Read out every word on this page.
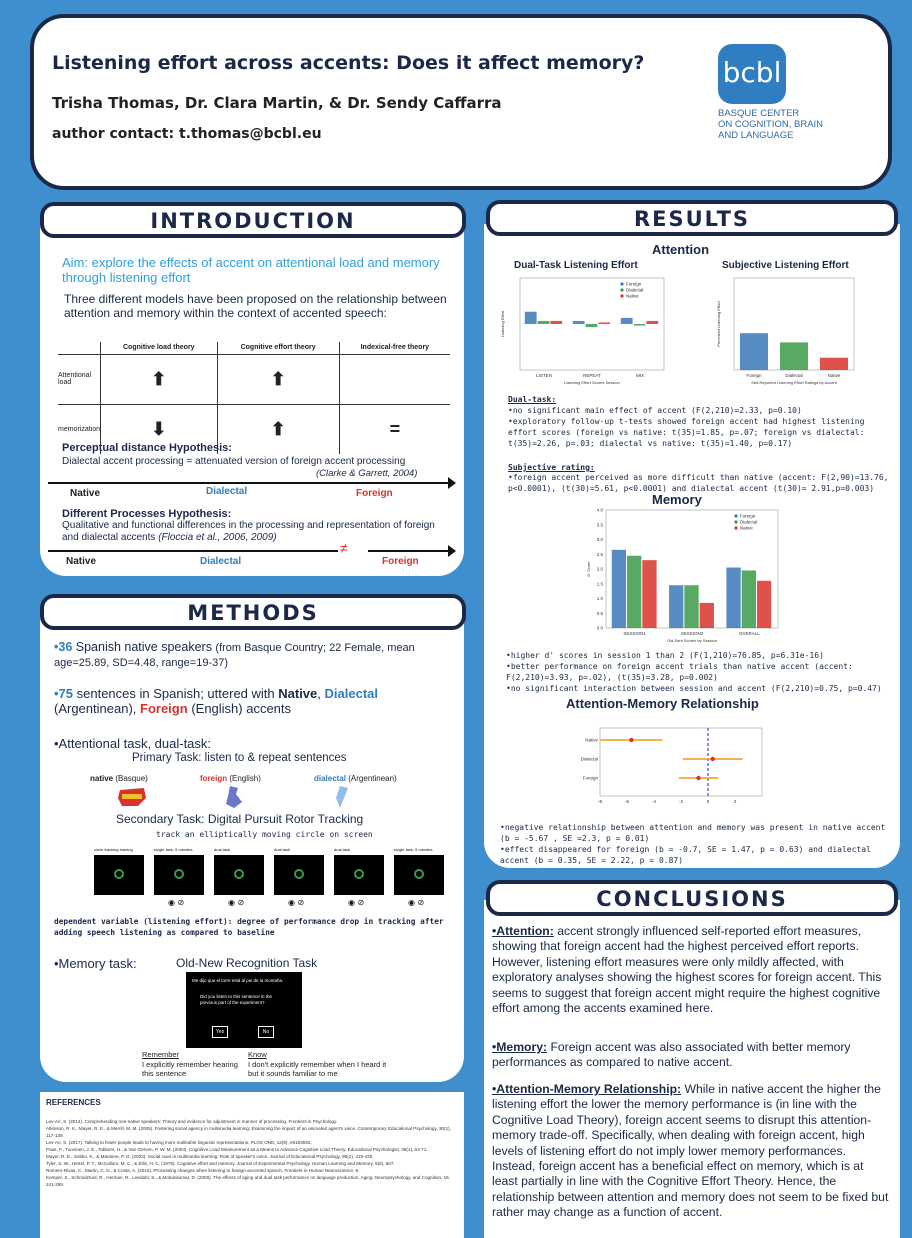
Listening effort across accents: Does it affect memory?
Trisha Thomas, Dr. Clara Martin, & Dr. Sendy Caffarra
author contact: t.thomas@bcbl.eu
bcbl
BASQUE CENTER
ON COGNITION, BRAIN
AND LANGUAGE
INTRODUCTION
Aim: explore the effects of accent on attentional load and memory through listening effort
Three different models have been proposed on the relationship between attention and memory within the context of accented speech:
	Cognitive load theory	Cognitive effort theory	Indexical-free theory
Attentional load	⬆	⬆	
memorization	⬇	⬆	=
Perceptual distance Hypothesis:
Dialectal accent processing = attenuated version of foreign accent processing
(Clarke & Garrett, 2004)
Native	Dialectal	Foreign
Different Processes Hypothesis:
Qualitative and functional differences in the processing and representation of foreign and dialectal accents (Floccia et al., 2006, 2009)
≠
Native	Dialectal	Foreign
METHODS
•36 Spanish native speakers (from Basque Country; 22 Female, mean age=25.89, SD=4.48, range=19-37)
•75 sentences in Spanish; uttered with Native, Dialectal (Argentinean), Foreign (English) accents
•Attentional task, dual-task:
Primary Task: listen to & repeat sentences
native (Basque)	foreign (English)	dialectal (Argentinean)
Secondary Task: Digital Pursuit Rotor Tracking
track an elliptically moving circle on screen
circle tracking training	single task, 5 minutes
◉ ⊘
dual task
◉ ⊘
dual task
◉ ⊘
dual task
◉ ⊘
single task, 5 minutes
◉ ⊘
dependent variable (listening effort): degree of performance drop in tracking after adding speech listening as compared to baseline
•Memory task:	Old-New Recognition Task
Me dijo que el torre está al pie de la montaña.
Did you listen to this sentence in the previous part of the experiment?
Yes	No
Remember
I explicitly remember hearing this sentence
Know
I don't explicitly remember when I heard it but it sounds familiar to me
REFERENCES
Lev-Ari, S. (2014). Comprehending non-native speakers: Theory and evidence for adjustment in manner of processing. Frontiers in Psychology.
Atkinson, R. K., Mayer, R. E., & Merrill, M. M. (2005). Fostering social agency in multimedia learning: Examining the impact of an animated agent's voice. Contemporary Educational Psychology, 30(1), 117-139.
Lev-Ari, S. (2017). Talking to fewer people leads to having more malleable linguistic representations. PLOS ONE, 12(8), e0183593.
Paas, F., Tuovinen, J. E., Tabbers, H., & Van Gerven, P. W. M. (2003). Cognitive Load Measurement as a Means to Advance Cognitive Load Theory. Educational Psychologist, 38(1), 63-71.
Mayer, R. E., Sobko, K., & Mautone, P. D. (2003). Social cues in multimedia learning: Role of speaker's voice. Journal of Educational Psychology, 95(2), 419-425.
Tyler, S. W., Hertel, P. T., McCallum, M. C., & Ellis, H. C. (1979). Cognitive effort and memory. Journal of Experimental Psychology. Human Learning and Memory, 5(6), 607.
Romero-Rivas, C., Martin, C. D., & Costa, A. (2015). Processing changes when listening to foreign-accented speech. Frontiers in Human Neuroscience, 9.
Kemper, S., Schmalzried, R., Herman, R., Leedahl, S., & Mohankumar, D. (2009). The effects of aging and dual task performance on language production. Aging, Neuropsychology, and Cognition, 16, 241-259.
RESULTS
Attention
Dual-Task Listening Effort	Subjective Listening Effort
LISTEN	REPEAT	MIX
Listening Effort Scores Session
Listening Effort
Foreign
Dialectal
Native
Foreign	Dialectal	Native
Self-Reported Listening Effort Ratings by Accent
Perceived Listening Effort
Dual-task:
•no significant main effect of accent (F(2,210)=2.33, p=0.10)
•exploratory follow-up t-tests showed foreign accent had highest listening effort scores (foreign vs native: t(35)=1.85, p=.07; foreign vs dialectal: t(35)=2.26, p=.03; dialectal vs native: t(35)=1.40, p=0.17)
Subjective rating:
•foreign accent perceived as more difficult than native (accent: F(2,90)=13.76, p<0.0001), (t(30)=5.61, p<0.0001) and dialectal accent (t(30)= 2.91,p=0.003)
Memory
SESSION1	SESSION2	OVERALL
0.0
0.5
1.0
1.5
2.0
2.5
3.0
3.5
4.0
Old-Sent Scores by Session
D' Score
Foreign
Dialectal
Native
•higher d' scores in session 1 than 2 (F(1,210)=76.85, p=6.31e-16)
•better performance on foreign accent trials than native accent (accent: F(2,210)=3.93, p=.02), (t(35)=3.28, p=0.002)
•no significant interaction between session and accent (F(2,210)=0.75, p=0.47)
Attention-Memory Relationship
Native
Dialectal
Foreign
-8	-6	-4	-2	0	2
•negative relationship between attention and memory was present in native accent (b = -5.67 , SE =2.3, p = 0.01)
•effect disappeared for foreign (b = -0.7, SE = 1.47, p = 0.63) and dialectal accent (b = 0.35, SE = 2.22, p = 0.87)
CONCLUSIONS
•Attention: accent strongly influenced self-reported effort measures, showing that foreign accent had the highest perceived effort reports. However, listening effort measures were only mildly affected, with exploratory analyses showing the highest scores for foreign accent. This seems to suggest that foreign accent might require the highest cognitive effort among the accents examined here.
•Memory: Foreign accent was also associated with better memory performances as compared to native accent.
•Attention-Memory Relationship: While in native accent the higher the listening effort the lower the memory performance is (in line with the Cognitive Load Theory), foreign accent seems to disrupt this attention-memory trade-off. Specifically, when dealing with foreign accent, high levels of listening effort do not imply lower memory performances. Instead, foreign accent has a beneficial effect on memory, which is at least partially in line with the Cognitive Effort Theory. Hence, the relationship between attention and memory does not seem to be fixed but rather may change as a function of accent.
